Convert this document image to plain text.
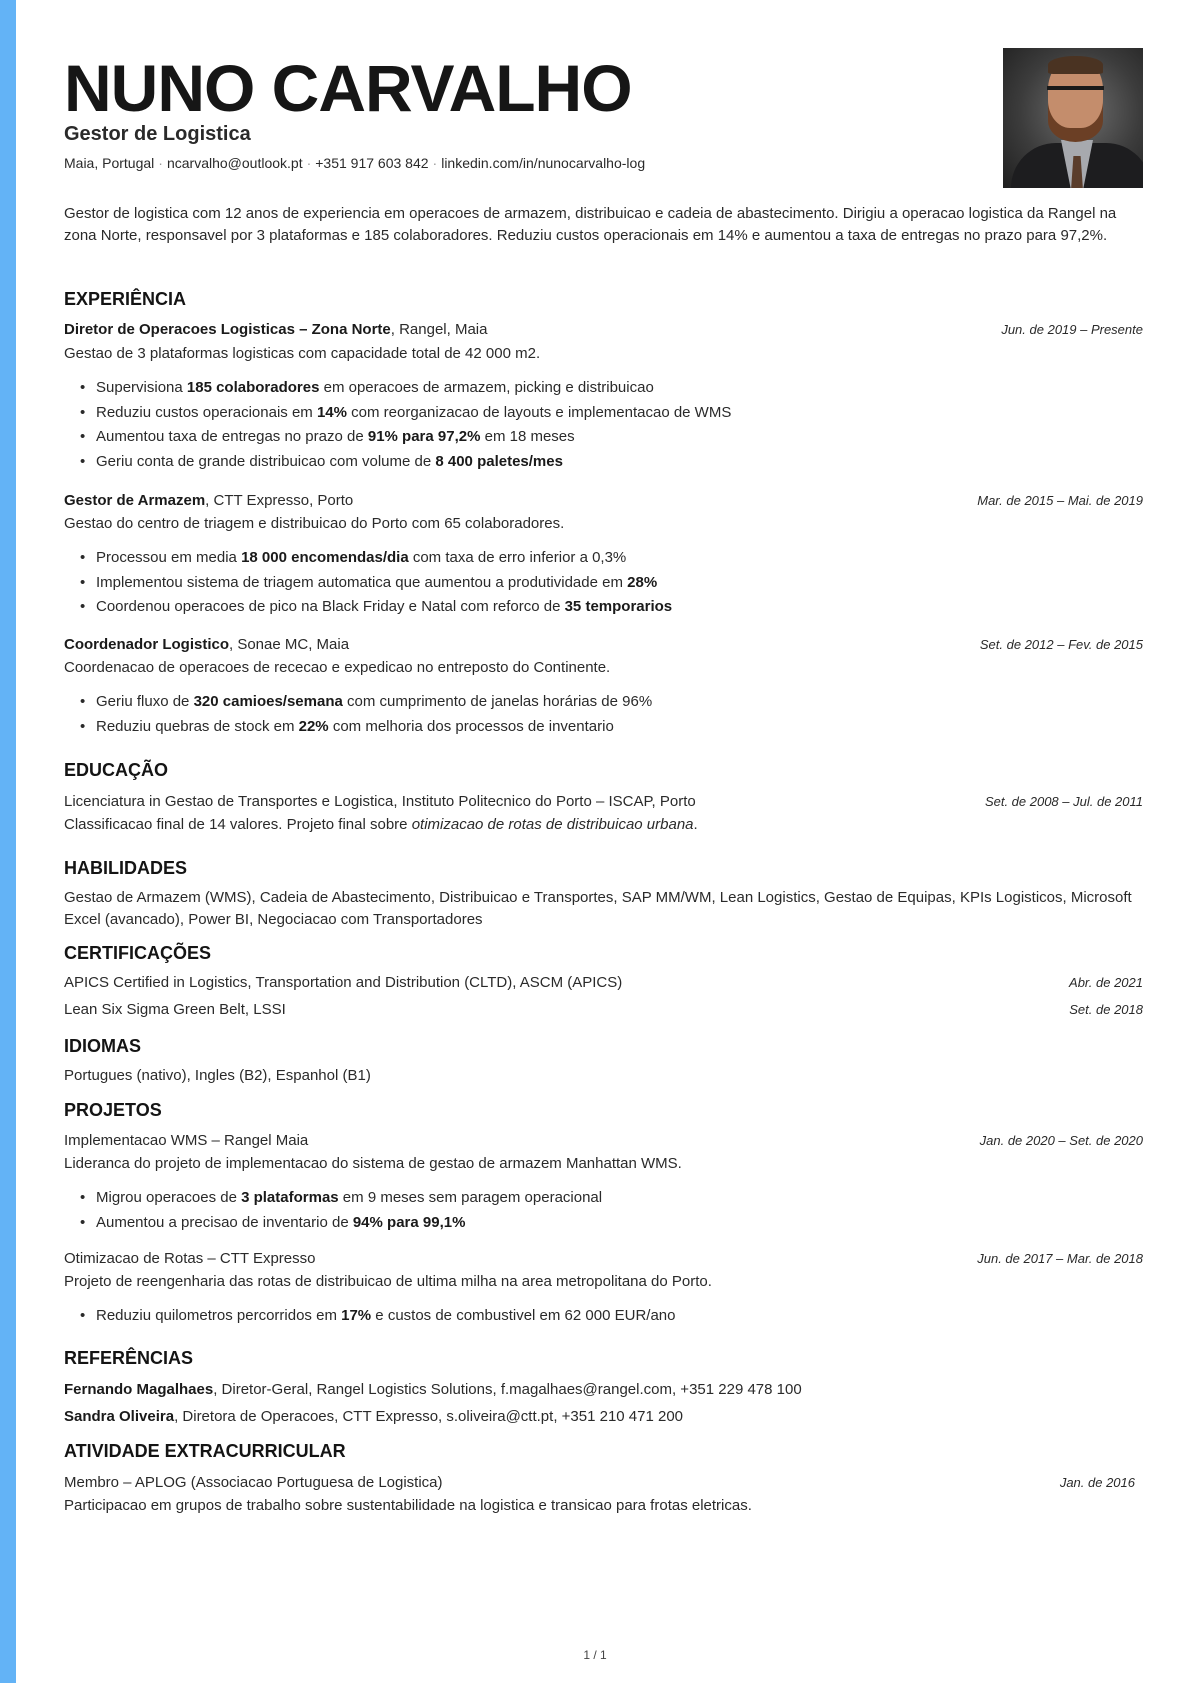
NUNO CARVALHO
Gestor de Logistica
Maia, Portugal · ncarvalho@outlook.pt · +351 917 603 842 · linkedin.com/in/nunocarvalho-log
Gestor de logistica com 12 anos de experiencia em operacoes de armazem, distribuicao e cadeia de abastecimento. Dirigiu a operacao logistica da Rangel na zona Norte, responsavel por 3 plataformas e 185 colaboradores. Reduziu custos operacionais em 14% e aumentou a taxa de entregas no prazo para 97,2%.
EXPERIÊNCIA
Diretor de Operacoes Logisticas – Zona Norte, Rangel, Maia	Jun. de 2019 – Presente
Gestao de 3 plataformas logisticas com capacidade total de 42 000 m2.
• Supervisiona 185 colaboradores em operacoes de armazem, picking e distribuicao
• Reduziu custos operacionais em 14% com reorganizacao de layouts e implementacao de WMS
• Aumentou taxa de entregas no prazo de 91% para 97,2% em 18 meses
• Geriu conta de grande distribuicao com volume de 8 400 paletes/mes
Gestor de Armazem, CTT Expresso, Porto	Mar. de 2015 – Mai. de 2019
Gestao do centro de triagem e distribuicao do Porto com 65 colaboradores.
• Processou em media 18 000 encomendas/dia com taxa de erro inferior a 0,3%
• Implementou sistema de triagem automatica que aumentou a produtividade em 28%
• Coordenou operacoes de pico na Black Friday e Natal com reforco de 35 temporarios
Coordenador Logistico, Sonae MC, Maia	Set. de 2012 – Fev. de 2015
Coordenacao de operacoes de rececao e expedicao no entreposto do Continente.
• Geriu fluxo de 320 camioes/semana com cumprimento de janelas horárias de 96%
• Reduziu quebras de stock em 22% com melhoria dos processos de inventario
EDUCAÇÃO
Licenciatura in Gestao de Transportes e Logistica, Instituto Politecnico do Porto – ISCAP, Porto	Set. de 2008 – Jul. de 2011
Classificacao final de 14 valores. Projeto final sobre otimizacao de rotas de distribuicao urbana.
HABILIDADES
Gestao de Armazem (WMS), Cadeia de Abastecimento, Distribuicao e Transportes, SAP MM/WM, Lean Logistics, Gestao de Equipas, KPIs Logisticos, Microsoft Excel (avancado), Power BI, Negociacao com Transportadores
CERTIFICAÇÕES
APICS Certified in Logistics, Transportation and Distribution (CLTD), ASCM (APICS)	Abr. de 2021
Lean Six Sigma Green Belt, LSSI	Set. de 2018
IDIOMAS
Portugues (nativo), Ingles (B2), Espanhol (B1)
PROJETOS
Implementacao WMS – Rangel Maia	Jan. de 2020 – Set. de 2020
Lideranca do projeto de implementacao do sistema de gestao de armazem Manhattan WMS.
• Migrou operacoes de 3 plataformas em 9 meses sem paragem operacional
• Aumentou a precisao de inventario de 94% para 99,1%
Otimizacao de Rotas – CTT Expresso	Jun. de 2017 – Mar. de 2018
Projeto de reengenharia das rotas de distribuicao de ultima milha na area metropolitana do Porto.
• Reduziu quilometros percorridos em 17% e custos de combustivel em 62 000 EUR/ano
REFERÊNCIAS
Fernando Magalhaes, Diretor-Geral, Rangel Logistics Solutions, f.magalhaes@rangel.com, +351 229 478 100
Sandra Oliveira, Diretora de Operacoes, CTT Expresso, s.oliveira@ctt.pt, +351 210 471 200
ATIVIDADE EXTRACURRICULAR
Membro – APLOG (Associacao Portuguesa de Logistica)	Jan. de 2016
Participacao em grupos de trabalho sobre sustentabilidade na logistica e transicao para frotas eletricas.
1 / 1
